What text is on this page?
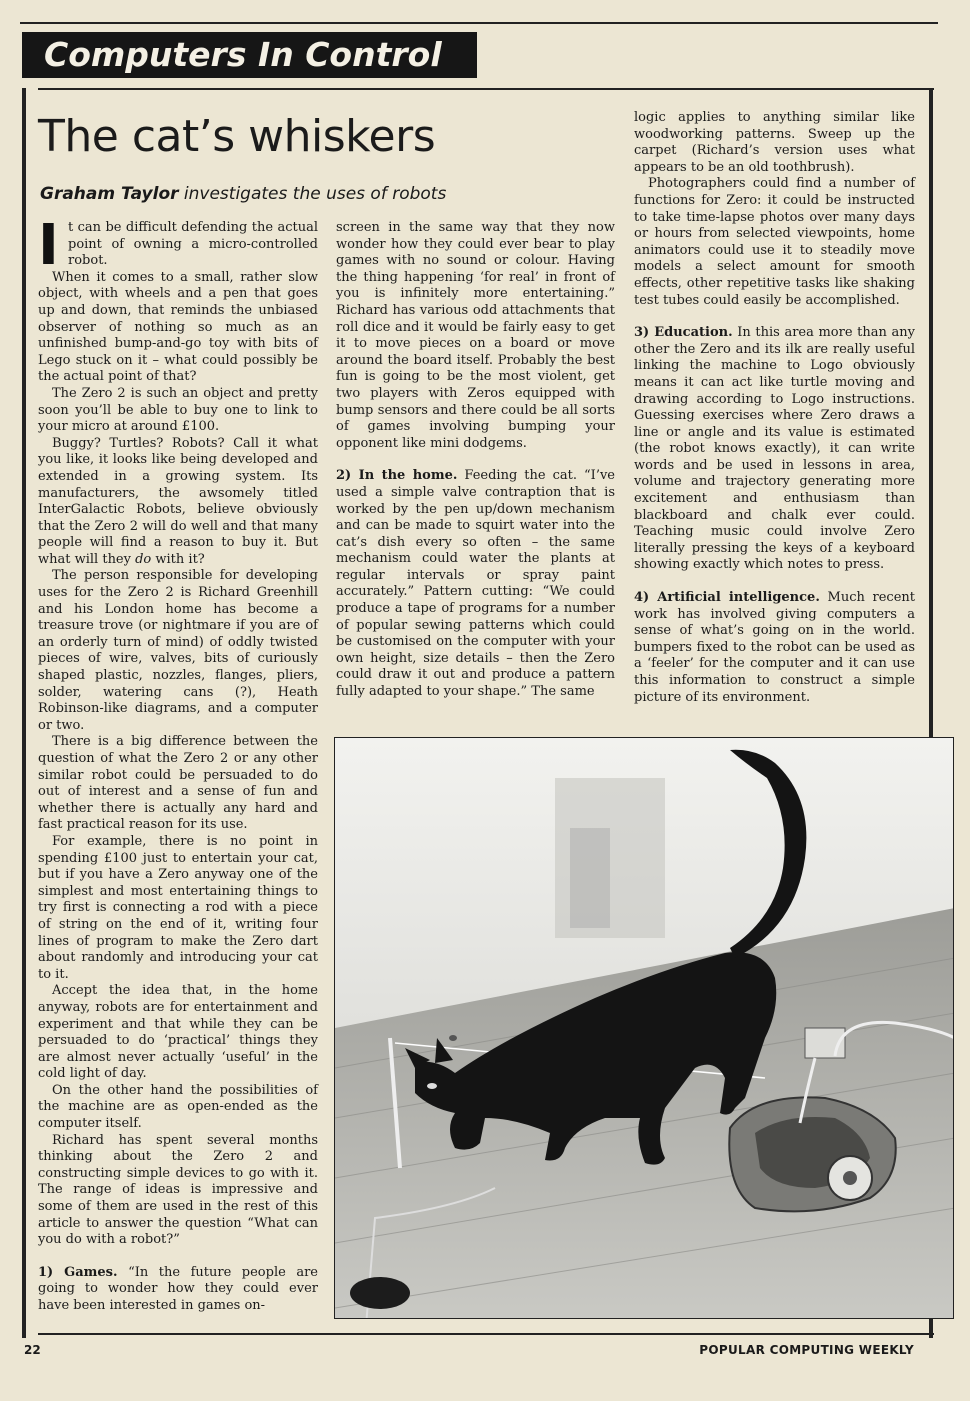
Computers In Control
The cat’s whiskers

Graham Taylor investigates the uses of robots

It can be difficult defending the actual point of owning a micro-controlled robot.

When it comes to a small, rather slow object, with wheels and a pen that goes up and down, that reminds the unbiased observer of nothing so much as an unfinished bump-and-go toy with bits of Lego stuck on it – what could possibly be the actual point of that?

The Zero 2 is such an object and pretty soon you’ll be able to buy one to link to your micro at around £100.

Buggy? Turtles? Robots? Call it what you like, it looks like being developed and extended in a growing system. Its manufacturers, the awsomely titled InterGalactic Robots, believe obviously that the Zero 2 will do well and that many people will find a reason to buy it. But what will they do with it?

The person responsible for developing uses for the Zero 2 is Richard Greenhill and his London home has become a treasure trove (or nightmare if you are of an orderly turn of mind) of oddly twisted pieces of wire, valves, bits of curiously shaped plastic, nozzles, flanges, pliers, solder, watering cans (?), Heath Robinson-like diagrams, and a computer or two.

There is a big difference between the question of what the Zero 2 or any other similar robot could be persuaded to do out of interest and a sense of fun and whether there is actually any hard and fast practical reason for its use.

For example, there is no point in spending £100 just to entertain your cat, but if you have a Zero anyway one of the simplest and most entertaining things to try first is connecting a rod with a piece of string on the end of it, writing four lines of program to make the Zero dart about randomly and introducing your cat to it.

Accept the idea that, in the home anyway, robots are for entertainment and experiment and that while they can be persuaded to do ‘practical’ things they are almost never actually ‘useful’ in the cold light of day.

On the other hand the possibilities of the machine are as open-ended as the computer itself.

Richard has spent several months thinking about the Zero 2 and constructing simple devices to go with it. The range of ideas is impressive and some of them are used in the rest of this article to answer the question “What can you do with a robot?”

1) Games. “In the future people are going to wonder how they could ever have been interested in games on-

screen in the same way that they now wonder how they could ever bear to play games with no sound or colour. Having the thing happening ‘for real’ in front of you is infinitely more entertaining.” Richard has various odd attachments that roll dice and it would be fairly easy to get it to move pieces on a board or move around the board itself. Probably the best fun is going to be the most violent, get two players with Zeros equipped with bump sensors and there could be all sorts of games involving bumping your opponent like mini dodgems.

2) In the home. Feeding the cat. “I’ve used a simple valve contraption that is worked by the pen up/down mechanism and can be made to squirt water into the cat’s dish every so often – the same mechanism could water the plants at regular intervals or spray paint accurately.” Pattern cutting: “We could produce a tape of programs for a number of popular sewing patterns which could be customised on the computer with your own height, size details – then the Zero could draw it out and produce a pattern fully adapted to your shape.” The same

logic applies to anything similar like woodworking patterns. Sweep up the carpet (Richard’s version uses what appears to be an old toothbrush).

Photographers could find a number of functions for Zero: it could be instructed to take time-lapse photos over many days or hours from selected viewpoints, home animators could use it to steadily move models a select amount for smooth effects, other repetitive tasks like shaking test tubes could easily be accomplished.

3) Education. In this area more than any other the Zero and its ilk are really useful linking the machine to Logo obviously means it can act like turtle moving and drawing according to Logo instructions. Guessing exercises where Zero draws a line or angle and its value is estimated (the robot knows exactly), it can write words and be used in lessons in area, volume and trajectory generating more excitement and enthusiasm than blackboard and chalk ever could. Teaching music could involve Zero literally pressing the keys of a keyboard showing exactly which notes to press.

4) Artificial intelligence. Much recent work has involved giving computers a sense of what’s going on in the world. bumpers fixed to the robot can be used as a ‘feeler’ for the computer and it can use this information to construct a simple picture of its environment.

22	POPULAR COMPUTING WEEKLY
